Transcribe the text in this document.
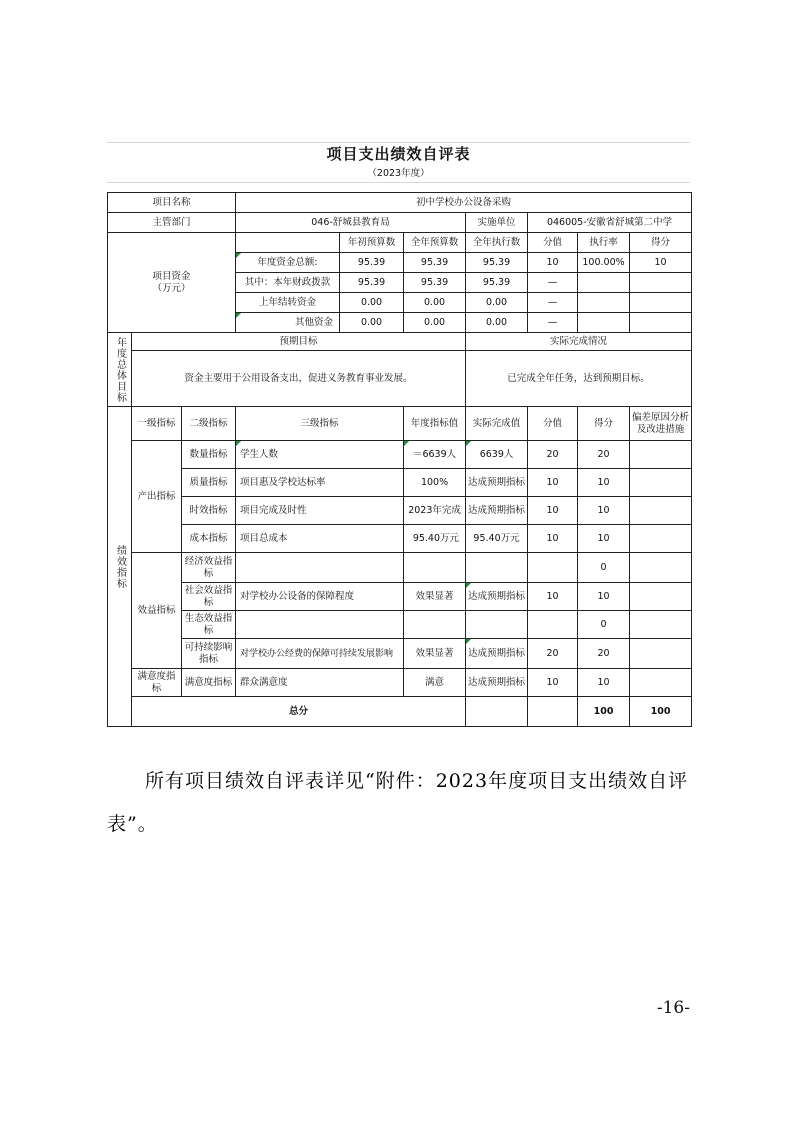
项目支出绩效自评表
（2023年度）
项目名称			初中学校办公设备采购							
主管部门			046-舒城县教育局			实施单位	046005-安徽省舒城第二中学			
项目资金
（万元）				年初预算数	全年预算数	全年执行数	分值	执行率	得分	
			年度资金总额:	95.39	95.39	95.39	10	100.00%	10	
			其中：本年财政拨款	95.39	95.39	95.39	—			
			上年结转资金	0.00	0.00	0.00	—			
			其他资金	0.00	0.00	0.00	—			

年度总体目标	预期目标					实际完成情况				
	资金主要用于公用设备支出，促进义务教育事业发展。					已完成全年任务，达到预期目标。				

绩效指标	一级指标	二级指标	三级指标		年度指标值	实际完成值	分值	得分	偏差原因分析及改进措施	
	产出指标	数量指标	学生人数		＝6639人	6639人	20	20		
		质量指标	项目惠及学校达标率		100%	达成预期指标	10	10		
		时效指标	项目完成及时性		2023年完成	达成预期指标	10	10		
		成本指标	项目总成本		95.40万元	95.40万元	10	10		
	效益指标	经济效益指标						0		
		社会效益指标	对学校办公设备的保障程度		效果显著	达成预期指标	10	10		
		生态效益指标						0		
		可持续影响指标	对学校办公经费的保障可持续发展影响		效果显著	达成预期指标	20	20		
	满意度指标	满意度指标	群众满意度		满意	达成预期指标	10	10		
	总分							100	100	
所有项目绩效自评表详见“附件：2023年度项目支出绩效自评表”。
-16-
